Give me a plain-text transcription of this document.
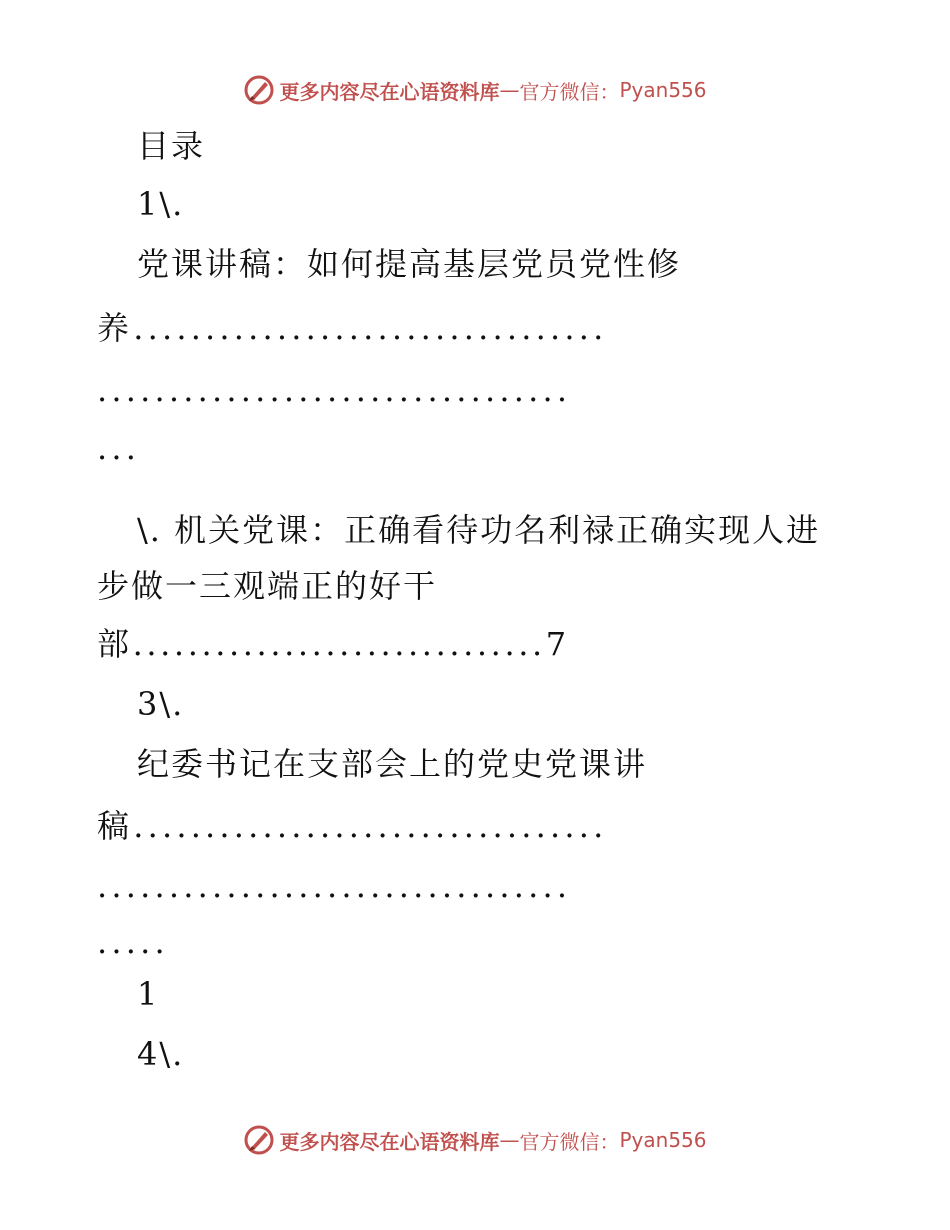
更多内容尽在心语资料库 — 官方微信： Pyan556
目录
1\.
党课讲稿：如何提高基层党员党性修
养.................................
.................................
...
\. 机关党课：正确看待功名利禄正确实现人进
步做一三观端正的好干
部..............................7
3\.
纪委书记在支部会上的党史党课讲
稿.................................
.................................
.....
1
4\.
更多内容尽在心语资料库 — 官方微信： Pyan556
